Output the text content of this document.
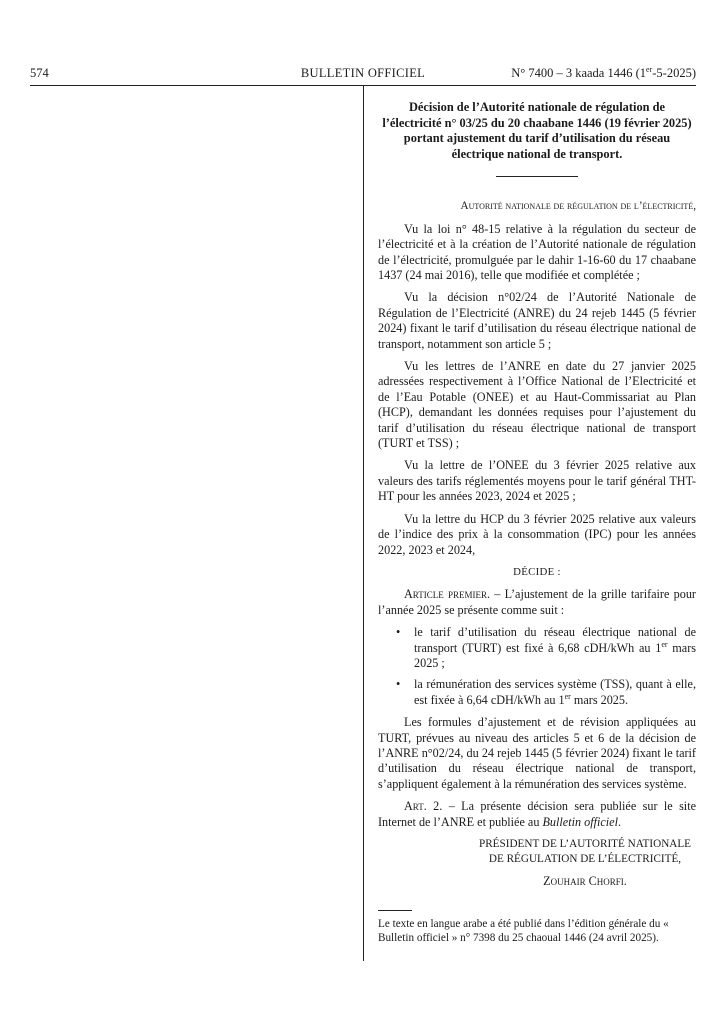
574	BULLETIN OFFICIEL	N° 7400 – 3 kaada 1446 (1er-5-2025)

Décision de l’Autorité nationale de régulation de l’électricité n° 03/25 du 20 chaabane 1446 (19 février 2025) portant ajustement du tarif d’utilisation du réseau électrique national de transport.

Autorité nationale de régulation de l’électricité,

Vu la loi n° 48-15 relative à la régulation du secteur de l’électricité et à la création de l’Autorité nationale de régulation de l’électricité, promulguée par le dahir 1-16-60 du 17 chaabane 1437 (24 mai 2016), telle que modifiée et complétée ;

Vu la décision n°02/24 de l’Autorité Nationale de Régulation de l’Electricité (ANRE) du 24 rejeb 1445 (5 février 2024) fixant le tarif d’utilisation du réseau électrique national de transport, notamment son article 5 ;

Vu les lettres de l’ANRE en date du 27 janvier 2025 adressées respectivement à l’Office National de l’Electricité et de l’Eau Potable (ONEE) et au Haut-Commissariat au Plan (HCP), demandant les données requises pour l’ajustement du tarif d’utilisation du réseau électrique national de transport (TURT et TSS) ;

Vu la lettre de l’ONEE du 3 février 2025 relative aux valeurs des tarifs réglementés moyens pour le tarif général THT-HT pour les années 2023, 2024 et 2025 ;

Vu la lettre du HCP du 3 février 2025 relative aux valeurs de l’indice des prix à la consommation (IPC) pour les années 2022, 2023 et 2024,

DÉCIDE :

Article premier. – L’ajustement de la grille tarifaire pour l’année 2025 se présente comme suit :

• le tarif d’utilisation du réseau électrique national de transport (TURT) est fixé à 6,68 cDH/kWh au 1er mars 2025 ;
• la rémunération des services système (TSS), quant à elle, est fixée à 6,64 cDH/kWh au 1er mars 2025.

Les formules d’ajustement et de révision appliquées au TURT, prévues au niveau des articles 5 et 6 de la décision de l’ANRE n°02/24, du 24 rejeb 1445 (5 février 2024) fixant le tarif d’utilisation du réseau électrique national de transport, s’appliquent également à la rémunération des services système.

Art. 2. – La présente décision sera publiée sur le site Internet de l’ANRE et publiée au Bulletin officiel.

PRÉSIDENT DE L’AUTORITÉ NATIONALE
DE RÉGULATION DE L’ÉLECTRICITÉ,

Zouhair Chorfi.

Le texte en langue arabe a été publié dans l’édition générale du « Bulletin officiel » n° 7398 du 25 chaoual 1446 (24 avril 2025).
